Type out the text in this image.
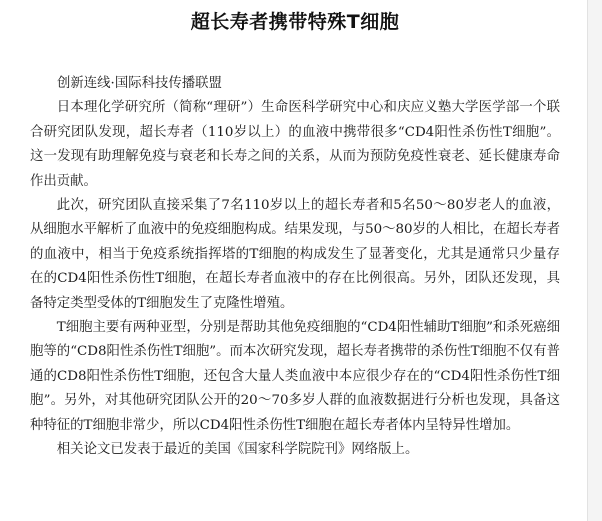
超长寿者携带特殊T细胞
创新连线·国际科技传播联盟

日本理化学研究所（简称“理研”）生命医科学研究中心和庆应义塾大学医学部一个联合研究团队发现，超长寿者（110岁以上）的血液中携带很多“CD4阳性杀伤性T细胞”。这一发现有助理解免疫与衰老和长寿之间的关系，从而为预防免疫性衰老、延长健康寿命作出贡献。

此次，研究团队直接采集了7名110岁以上的超长寿者和5名50～80岁老人的血液，从细胞水平解析了血液中的免疫细胞构成。结果发现，与50～80岁的人相比，在超长寿者的血液中，相当于免疫系统指挥塔的T细胞的构成发生了显著变化，尤其是通常只少量存在的CD4阳性杀伤性T细胞，在超长寿者血液中的存在比例很高。另外，团队还发现，具备特定类型受体的T细胞发生了克隆性增殖。

T细胞主要有两种亚型，分别是帮助其他免疫细胞的“CD4阳性辅助T细胞”和杀死癌细胞等的“CD8阳性杀伤性T细胞”。而本次研究发现，超长寿者携带的杀伤性T细胞不仅有普通的CD8阳性杀伤性T细胞，还包含大量人类血液中本应很少存在的“CD4阳性杀伤性T细胞”。另外，对其他研究团队公开的20～70多岁人群的血液数据进行分析也发现，具备这种特征的T细胞非常少，所以CD4阳性杀伤性T细胞在超长寿者体内呈特异性增加。

相关论文已发表于最近的美国《国家科学院院刊》网络版上。
